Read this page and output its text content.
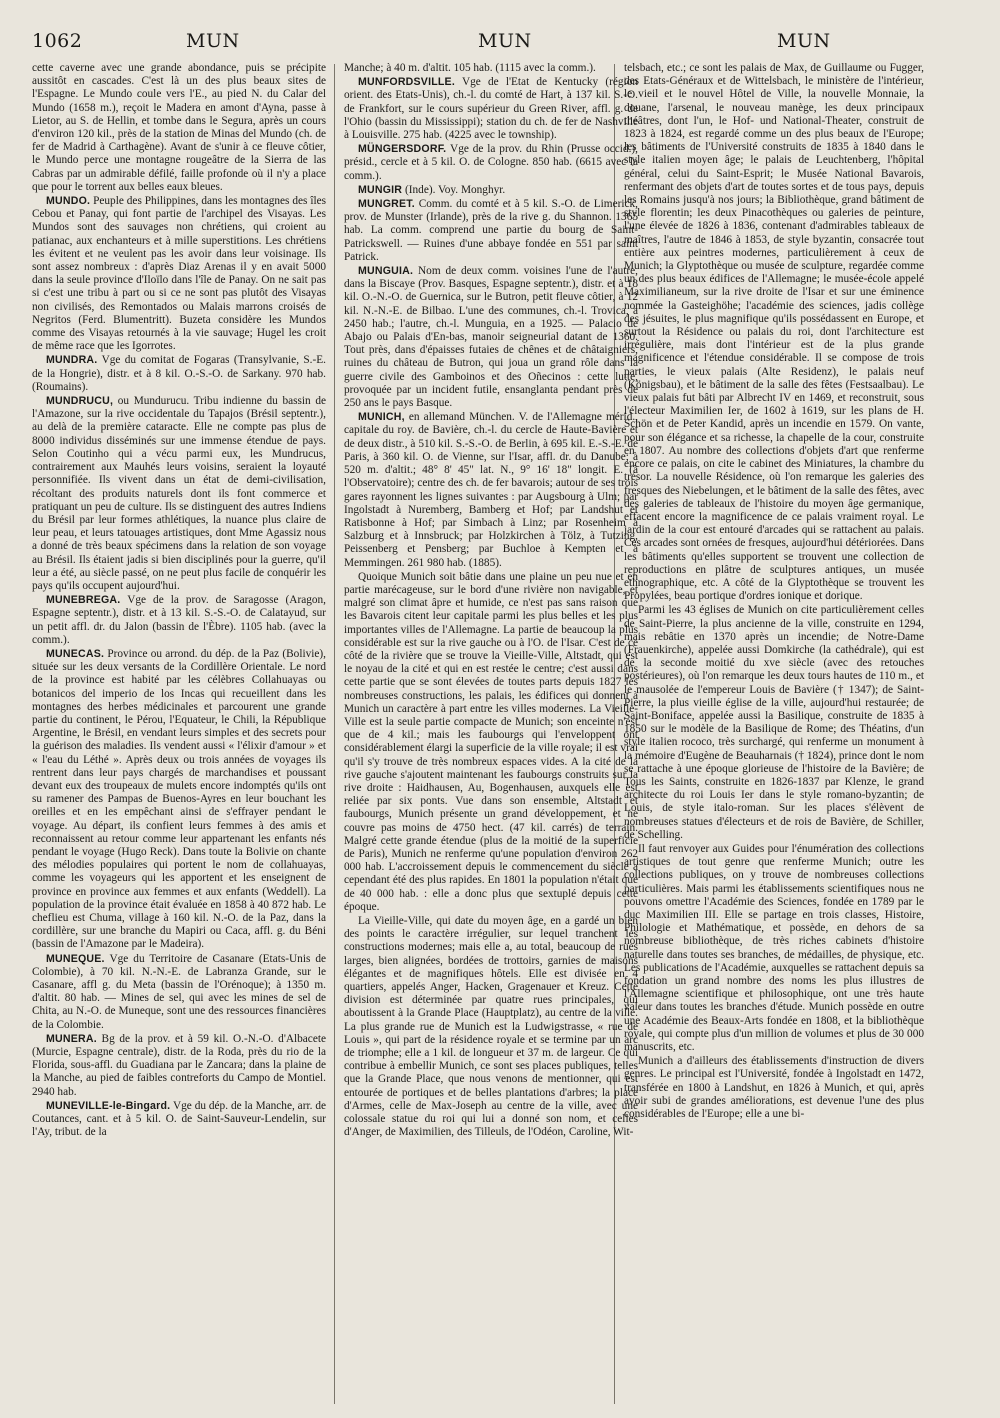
1062	MUN	MUN	MUN

cette caverne avec une grande abondance, puis se précipite aussitôt en cascades. C'est là un des plus beaux sites de l'Espagne. Le Mundo coule vers l'E., au pied N. du Calar del Mundo (1658 m.), reçoit le Madera en amont d'Ayna, passe à Lietor, au S. de Hellin, et tombe dans le Segura, après un cours d'environ 120 kil., près de la station de Minas del Mundo (ch. de fer de Madrid à Carthagène). Avant de s'unir à ce fleuve côtier, le Mundo perce une montagne rougeâtre de la Sierra de las Cabras par un admirable défilé, faille profonde où il n'y a place que pour le torrent aux belles eaux bleues.

MUNDO. Peuple des Philippines, dans les montagnes des îles Cebou et Panay, qui font partie de l'archipel des Visayas. Les Mundos sont des sauvages non chrétiens, qui croient au patianac, aux enchanteurs et à mille superstitions. Les chrétiens les évitent et ne veulent pas les avoir dans leur voisinage. Ils sont assez nombreux : d'après Diaz Arenas il y en avait 5000 dans la seule province d'Iloïlo dans l'île de Panay. On ne sait pas si c'est une tribu à part ou si ce ne sont pas plutôt des Visayas non civilisés, des Remontados ou Malais marrons croisés de Negritos (Ferd. Blumentritt). Buzeta considère les Mundos comme des Visayas retournés à la vie sauvage; Hugel les croit de même race que les Igorrotes.

MUNDRA. Vge du comitat de Fogaras (Transylvanie, S.-E. de la Hongrie), distr. et à 8 kil. O.-S.-O. de Sarkany. 970 hab. (Roumains).

MUNDRUCU, ou Mundurucu. Tribu indienne du bassin de l'Amazone, sur la rive occidentale du Tapajos (Brésil septentr.), au delà de la première cataracte. Elle ne compte pas plus de 8000 individus disséminés sur une immense étendue de pays. Selon Coutinho qui a vécu parmi eux, les Mundrucus, contrairement aux Mauhés leurs voisins, seraient la loyauté personnifiée. Ils vivent dans un état de demi-civilisation, récoltant des produits naturels dont ils font commerce et pratiquant un peu de culture. Ils se distinguent des autres Indiens du Brésil par leur formes athlétiques, la nuance plus claire de leur peau, et leurs tatouages artistiques, dont Mme Agassiz nous a donné de très beaux spécimens dans la relation de son voyage au Brésil. Ils étaient jadis si bien disciplinés pour la guerre, qu'il leur a été, au siècle passé, on ne peut plus facile de conquérir les pays qu'ils occupent aujourd'hui.

MUNEBREGA. Vge de la prov. de Saragosse (Aragon, Espagne septentr.), distr. et à 13 kil. S.-S.-O. de Calatayud, sur un petit affl. dr. du Jalon (bassin de l'Èbre). 1105 hab. (avec la comm.).

MUNECAS. Province ou arrond. du dép. de la Paz (Bolivie), située sur les deux versants de la Cordillère Orientale. Le nord de la province est habité par les célèbres Collahuayas ou botanicos del imperio de los Incas qui recueillent dans les montagnes des herbes médicinales et parcourent une grande partie du continent, le Pérou, l'Equateur, le Chili, la République Argentine, le Brésil, en vendant leurs simples et des secrets pour la guérison des maladies. Ils vendent aussi « l'élixir d'amour » et « l'eau du Léthé ». Après deux ou trois années de voyages ils rentrent dans leur pays chargés de marchandises et poussant devant eux des troupeaux de mulets encore indomptés qu'ils ont su ramener des Pampas de Buenos-Ayres en leur bouchant les oreilles et en les empêchant ainsi de s'effrayer pendant le voyage. Au départ, ils confient leurs femmes à des amis et reconnaissent au retour comme leur appartenant les enfants nés pendant le voyage (Hugo Reck). Dans toute la Bolivie on chante des mélodies populaires qui portent le nom de collahuayas, comme les voyageurs qui les apportent et les enseignent de province en province aux femmes et aux enfants (Weddell). La population de la province était évaluée en 1858 à 40 872 hab. Le cheflieu est Chuma, village à 160 kil. N.-O. de la Paz, dans la cordillère, sur une branche du Mapiri ou Caca, affl. g. du Béni (bassin de l'Amazone par le Madeira).

MUNEQUE. Vge du Territoire de Casanare (Etats-Unis de Colombie), à 70 kil. N.-N.-E. de Labranza Grande, sur le Casanare, affl g. du Meta (bassin de l'Orénoque); à 1350 m. d'altit. 80 hab. — Mines de sel, qui avec les mines de sel de Chita, au N.-O. de Muneque, sont une des ressources financières de la Colombie.

MUNERA. Bg de la prov. et à 59 kil. O.-N.-O. d'Albacete (Murcie, Espagne centrale), distr. de la Roda, près du rio de la Florida, sous-affl. du Guadiana par le Zancara; dans la plaine de la Manche, au pied de faibles contreforts du Campo de Montiel. 2940 hab.

MUNEVILLE-le-Bingard. Vge du dép. de la Manche, arr. de Coutances, cant. et à 5 kil. O. de Saint-Sauveur-Lendelin, sur l'Ay, tribut. de la

Manche; à 40 m. d'altit. 105 hab. (1115 avec la comm.).

MUNFORDSVILLE. Vge de l'Etat de Kentucky (région orient. des Etats-Unis), ch.-l. du comté de Hart, à 137 kil. S.-O. de Frankfort, sur le cours supérieur du Green River, affl. g. de l'Ohio (bassin du Mississippi); station du ch. de fer de Nashville à Louisville. 275 hab. (4225 avec le township).

MÜNGERSDORF. Vge de la prov. du Rhin (Prusse occid.), présid., cercle et à 5 kil. O. de Cologne. 850 hab. (6615 avec la comm.).

MUNGIR (Inde). Voy. Monghyr.

MUNGRET. Comm. du comté et à 5 kil. S.-O. de Limerick, prov. de Munster (Irlande), près de la rive g. du Shannon. 1365 hab. La comm. comprend une partie du bourg de Saint-Patrickswell. — Ruines d'une abbaye fondée en 551 par saint Patrick.

MUNGUIA. Nom de deux comm. voisines l'une de l'autre, dans la Biscaye (Prov. Basques, Espagne septentr.), distr. et à 18 kil. O.-N.-O. de Guernica, sur le Butron, petit fleuve côtier, à 12 kil. N.-N.-E. de Bilbao. L'une des communes, ch.-l. Trovica, a 2450 hab.; l'autre, ch.-l. Munguia, en a 1925. — Palacio de Abajo ou Palais d'En-bas, manoir seigneurial datant de 1360. Tout près, dans d'épaisses futaies de chênes et de châtaigniers, ruines du château de Butron, qui joua un grand rôle dans la guerre civile des Gamboinos et des Oñecinos : cette lutte, provoquée par un incident futile, ensanglanta pendant près de 250 ans le pays Basque.

MUNICH, en allemand München. V. de l'Allemagne mérid., capitale du roy. de Bavière, ch.-l. du cercle de Haute-Bavière et de deux distr., à 510 kil. S.-S.-O. de Berlin, à 695 kil. E.-S.-E. de Paris, à 360 kil. O. de Vienne, sur l'Isar, affl. dr. du Danube; à 520 m. d'altit.; 48° 8' 45" lat. N., 9° 16' 18" longit. E. (à l'Observatoire); centre des ch. de fer bavarois; autour de ses trois gares rayonnent les lignes suivantes : par Augsbourg à Ulm; par Ingolstadt à Nuremberg, Bamberg et Hof; par Landshut et Ratisbonne à Hof; par Simbach à Linz; par Rosenheim à Salzburg et à Innsbruck; par Holzkirchen à Tölz, à Tutzing, Peissenberg et Pensberg; par Buchloe à Kempten et à Memmingen. 261 980 hab. (1885).

Quoique Munich soit bâtie dans une plaine un peu nue et en partie marécageuse, sur le bord d'une rivière non navigable, et malgré son climat âpre et humide, ce n'est pas sans raison que les Bavarois citent leur capitale parmi les plus belles et les plus importantes villes de l'Allemagne. La partie de beaucoup la plus considérable est sur la rive gauche ou à l'O. de l'Isar. C'est de ce côté de la rivière que se trouve la Vieille-Ville, Altstadt, qui est le noyau de la cité et qui en est restée le centre; c'est aussi dans cette partie que se sont élevées de toutes parts depuis 1827 les nombreuses constructions, les palais, les édifices qui donnent à Munich un caractère à part entre les villes modernes. La Vieille-Ville est la seule partie compacte de Munich; son enceinte n'est que de 4 kil.; mais les faubourgs qui l'enveloppent ont considérablement élargi la superficie de la ville royale; il est vrai qu'il s'y trouve de très nombreux espaces vides. A la cité de la rive gauche s'ajoutent maintenant les faubourgs construits sur la rive droite : Haidhausen, Au, Bogenhausen, auxquels elle est reliée par six ponts. Vue dans son ensemble, Altstadt et faubourgs, Munich présente un grand développement, et ne couvre pas moins de 4750 hect. (47 kil. carrés) de terrain. Malgré cette grande étendue (plus de la moitié de la superficie de Paris), Munich ne renferme qu'une population d'environ 262 000 hab. L'accroissement depuis le commencement du siècle a cependant été des plus rapides. En 1801 la population n'était que de 40 000 hab. : elle a donc plus que sextuplé depuis cette époque.

La Vieille-Ville, qui date du moyen âge, en a gardé un bien des points le caractère irrégulier, sur lequel tranchent les constructions modernes; mais elle a, au total, beaucoup de rues larges, bien alignées, bordées de trottoirs, garnies de maisons élégantes et de magnifiques hôtels. Elle est divisée en 4 quartiers, appelés Anger, Hacken, Gragenauer et Kreuz. Cette division est déterminée par quatre rues principales, qui aboutissent à la Grande Place (Hauptplatz), au centre de la ville. La plus grande rue de Munich est la Ludwigstrasse, « rue de Louis », qui part de la résidence royale et se termine par un arc de triomphe; elle a 1 kil. de longueur et 37 m. de largeur. Ce qui contribue à embellir Munich, ce sont ses places publiques, telles que la Grande Place, que nous venons de mentionner, qui est entourée de portiques et de belles plantations d'arbres; la place d'Armes, celle de Max-Joseph au centre de la ville, avec une colossale statue du roi qui lui a donné son nom, et celles d'Anger, de Maximilien, des Tilleuls, de l'Odéon, Caroline, Wit-

telsbach, etc.; ce sont les palais de Max, de Guillaume ou Fugger, des Etats-Généraux et de Wittelsbach, le ministère de l'intérieur, le vieil et le nouvel Hôtel de Ville, la nouvelle Monnaie, la douane, l'arsenal, le nouveau manège, les deux principaux théâtres, dont l'un, le Hof- und National-Theater, construit de 1823 à 1824, est regardé comme un des plus beaux de l'Europe; les bâtiments de l'Université construits de 1835 à 1840 dans le style italien moyen âge; le palais de Leuchtenberg, l'hôpital général, celui du Saint-Esprit; le Musée National Bavarois, renfermant des objets d'art de toutes sortes et de tous pays, depuis les Romains jusqu'à nos jours; la Bibliothèque, grand bâtiment de style florentin; les deux Pinacothèques ou galeries de peinture, l'une élevée de 1826 à 1836, contenant d'admirables tableaux de maîtres, l'autre de 1846 à 1853, de style byzantin, consacrée tout entière aux peintres modernes, particulièrement à ceux de Munich; la Glyptothèque ou musée de sculpture, regardée comme un des plus beaux édifices de l'Allemagne; le musée-école appelé Maximilianeum, sur la rive droite de l'Isar et sur une éminence nommée la Gasteighöhe; l'académie des sciences, jadis collège des jésuites, le plus magnifique qu'ils possédassent en Europe, et surtout la Résidence ou palais du roi, dont l'architecture est irrégulière, mais dont l'intérieur est de la plus grande magnificence et l'étendue considérable. Il se compose de trois parties, le vieux palais (Alte Residenz), le palais neuf (Königsbau), et le bâtiment de la salle des fêtes (Festsaalbau). Le vieux palais fut bâti par Albrecht IV en 1469, et reconstruit, sous l'électeur Maximilien Ier, de 1602 à 1619, sur les plans de H. Schön et de Peter Kandid, après un incendie en 1579. On vante, pour son élégance et sa richesse, la chapelle de la cour, construite en 1807. Au nombre des collections d'objets d'art que renferme encore ce palais, on cite le cabinet des Miniatures, la chambre du trésor. La nouvelle Résidence, où l'on remarque les galeries des fresques des Niebelungen, et le bâtiment de la salle des fêtes, avec des galeries de tableaux de l'histoire du moyen âge germanique, effacent encore la magnificence de ce palais vraiment royal. Le jardin de la cour est entouré d'arcades qui se rattachent au palais. Ces arcades sont ornées de fresques, aujourd'hui détériorées. Dans les bâtiments qu'elles supportent se trouvent une collection de reproductions en plâtre de sculptures antiques, un musée ethnographique, etc. A côté de la Glyptothèque se trouvent les Propylées, beau portique d'ordres ionique et dorique.

Parmi les 43 églises de Munich on cite particulièrement celles de Saint-Pierre, la plus ancienne de la ville, construite en 1294, mais rebâtie en 1370 après un incendie; de Notre-Dame (Frauenkirche), appelée aussi Domkirche (la cathédrale), qui est de la seconde moitié du xve siècle (avec des retouches postérieures), où l'on remarque les deux tours hautes de 110 m., et le mausolée de l'empereur Louis de Bavière († 1347); de Saint-Pierre, la plus vieille église de la ville, aujourd'hui restaurée; de Saint-Boniface, appelée aussi la Basilique, construite de 1835 à 1850 sur le modèle de la Basilique de Rome; des Théatins, d'un style italien rococo, très surchargé, qui renferme un monument à la mémoire d'Eugène de Beauharnais († 1824), prince dont le nom se rattache à une époque glorieuse de l'histoire de la Bavière; de Tous les Saints, construite en 1826-1837 par Klenze, le grand architecte du roi Louis Ier dans le style romano-byzantin; de Louis, de style italo-roman. Sur les places s'élèvent de nombreuses statues d'électeurs et de rois de Bavière, de Schiller, de Schelling.

Il faut renvoyer aux Guides pour l'énumération des collections artistiques de tout genre que renferme Munich; outre les collections publiques, on y trouve de nombreuses collections particulières. Mais parmi les établissements scientifiques nous ne pouvons omettre l'Académie des Sciences, fondée en 1789 par le duc Maximilien III. Elle se partage en trois classes, Histoire, Philologie et Mathématique, et possède, en dehors de sa nombreuse bibliothèque, de très riches cabinets d'histoire naturelle dans toutes ses branches, de médailles, de physique, etc. Les publications de l'Académie, auxquelles se rattachent depuis sa fondation un grand nombre des noms les plus illustres de l'Allemagne scientifique et philosophique, ont une très haute valeur dans toutes les branches d'étude. Munich possède en outre une Académie des Beaux-Arts fondée en 1808, et la bibliothèque royale, qui compte plus d'un million de volumes et plus de 30 000 manuscrits, etc.

Munich a d'ailleurs des établissements d'instruction de divers genres. Le principal est l'Université, fondée à Ingolstadt en 1472, transférée en 1800 à Landshut, en 1826 à Munich, et qui, après avoir subi de grandes améliorations, est devenue l'une des plus considérables de l'Europe; elle a une bi-
